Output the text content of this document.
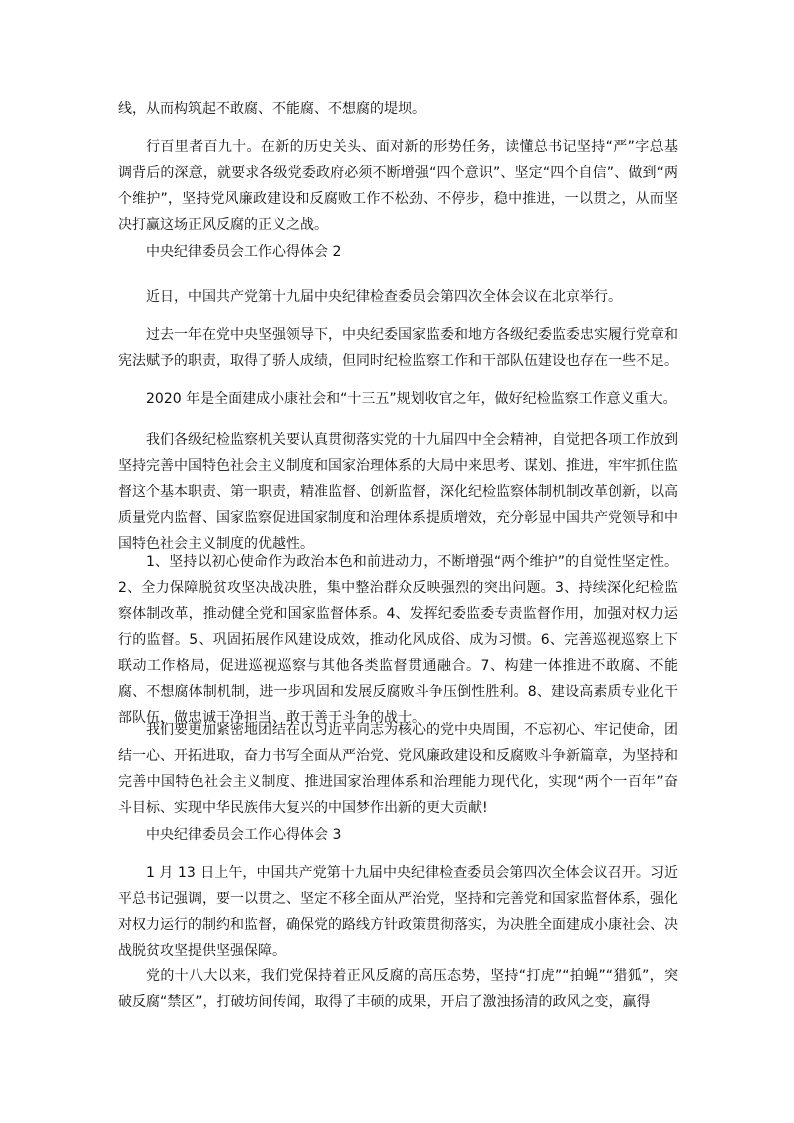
线，从而构筑起不敢腐、不能腐、不想腐的堤坝。

行百里者百九十。在新的历史关头、面对新的形势任务，读懂总书记坚持“严”字总基调背后的深意，就要求各级党委政府必须不断增强“四个意识”、坚定“四个自信”、做到“两个维护”，坚持党风廉政建设和反腐败工作不松劲、不停步，稳中推进，一以贯之，从而坚决打赢这场正风反腐的正义之战。

中央纪律委员会工作心得体会 2

近日，中国共产党第十九届中央纪律检查委员会第四次全体会议在北京举行。

过去一年在党中央坚强领导下，中央纪委国家监委和地方各级纪委监委忠实履行党章和宪法赋予的职责，取得了骄人成绩，但同时纪检监察工作和干部队伍建设也存在一些不足。

2020 年是全面建成小康社会和“十三五”规划收官之年，做好纪检监察工作意义重大。

我们各级纪检监察机关要认真贯彻落实党的十九届四中全会精神，自觉把各项工作放到坚持完善中国特色社会主义制度和国家治理体系的大局中来思考、谋划、推进，牢牢抓住监督这个基本职责、第一职责，精准监督、创新监督，深化纪检监察体制机制改革创新，以高质量党内监督、国家监察促进国家制度和治理体系提质增效，充分彰显中国共产党领导和中国特色社会主义制度的优越性。

1、坚持以初心使命作为政治本色和前进动力，不断增强“两个维护”的自觉性坚定性。2、全力保障脱贫攻坚决战决胜，集中整治群众反映强烈的突出问题。3、持续深化纪检监察体制改革，推动健全党和国家监督体系。4、发挥纪委监委专责监督作用，加强对权力运行的监督。5、巩固拓展作风建设成效，推动化风成俗、成为习惯。6、完善巡视巡察上下联动工作格局，促进巡视巡察与其他各类监督贯通融合。7、构建一体推进不敢腐、不能腐、不想腐体制机制，进一步巩固和发展反腐败斗争压倒性胜利。8、建设高素质专业化干部队伍，做忠诚干净担当、敢于善于斗争的战士。

我们要更加紧密地团结在以习近平同志为核心的党中央周围，不忘初心、牢记使命，团结一心、开拓进取，奋力书写全面从严治党、党风廉政建设和反腐败斗争新篇章，为坚持和完善中国特色社会主义制度、推进国家治理体系和治理能力现代化，实现“两个一百年”奋斗目标、实现中华民族伟大复兴的中国梦作出新的更大贡献!

中央纪律委员会工作心得体会 3

1 月 13 日上午，中国共产党第十九届中央纪律检查委员会第四次全体会议召开。习近平总书记强调，要一以贯之、坚定不移全面从严治党，坚持和完善党和国家监督体系，强化对权力运行的制约和监督，确保党的路线方针政策贯彻落实，为决胜全面建成小康社会、决战脱贫攻坚提供坚强保障。

党的十八大以来，我们党保持着正风反腐的高压态势，坚持“打虎”“拍蝇”“猎狐”，突破反腐“禁区”，打破坊间传闻，取得了丰硕的成果，开启了激浊扬清的政风之变，赢得
